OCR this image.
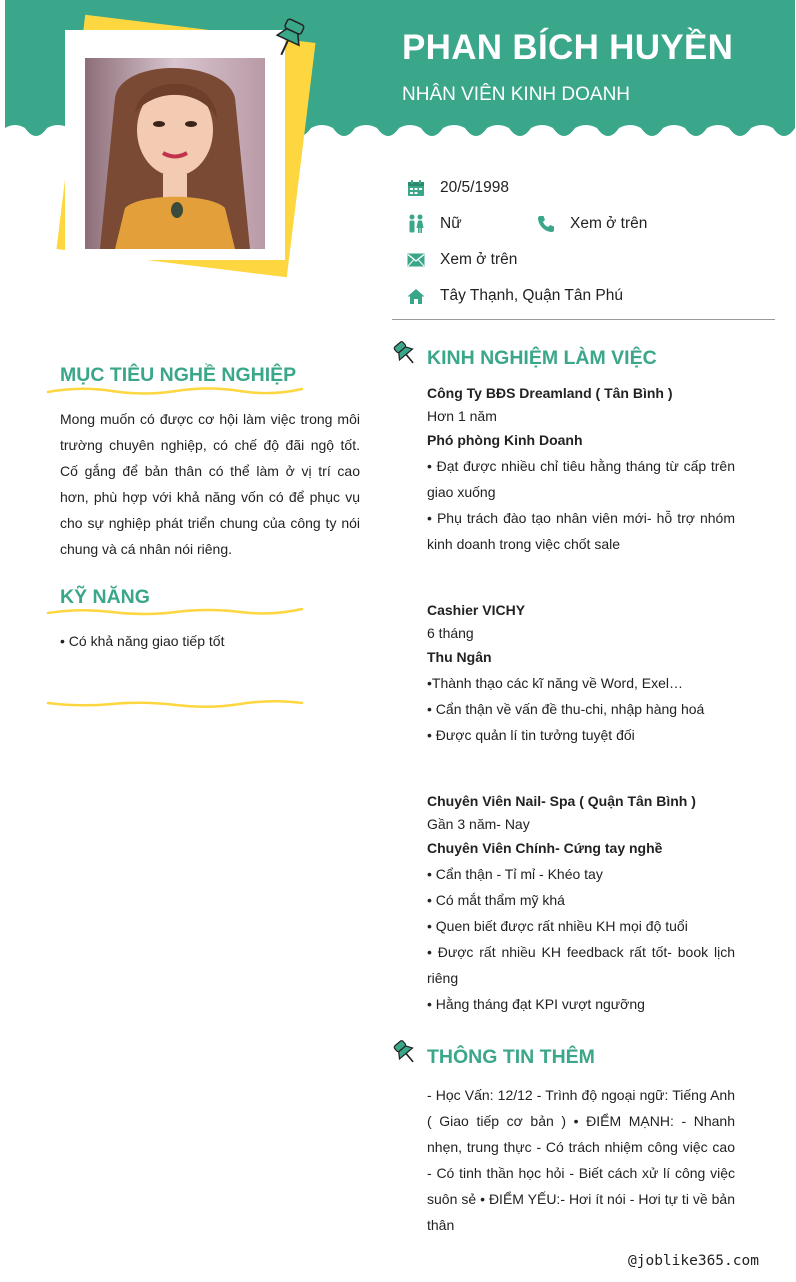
PHAN BÍCH HUYỀN
NHÂN VIÊN KINH DOANH
20/5/1998
Nữ	Xem ở trên
Xem ở trên
Tây Thạnh, Quận Tân Phú
MỤC TIÊU NGHỀ NGHIỆP
Mong muốn có được cơ hội làm việc trong môi trường chuyên nghiệp, có chế độ đãi ngộ tốt. Cố gắng để bản thân có thể làm ở vị trí cao hơn, phù hợp với khả năng vốn có để phục vụ cho sự nghiệp phát triển chung của công ty nói chung và cá nhân nói riêng.
KỸ NĂNG
• Có khả năng giao tiếp tốt
KINH NGHIỆM LÀM VIỆC
Công Ty BĐS Dreamland ( Tân Bình )
Hơn 1 năm
Phó phòng Kinh Doanh
• Đạt được nhiều chỉ tiêu hằng tháng từ cấp trên giao xuống
• Phụ trách đào tạo nhân viên mới- hỗ trợ nhóm kinh doanh trong việc chốt sale
Cashier VICHY
6 tháng
Thu Ngân
•Thành thạo các kĩ năng về Word, Exel…
• Cẩn thận về vấn đề thu-chi, nhập hàng hoá
• Được quản lí tin tưởng tuyệt đối
Chuyên Viên Nail- Spa ( Quận Tân Bình )
Gần 3 năm- Nay
Chuyên Viên Chính- Cứng tay nghề
• Cẩn thận - Tỉ mỉ - Khéo tay
• Có mắt thẩm mỹ khá
• Quen biết được rất nhiều KH mọi độ tuổi
• Được rất nhiều KH feedback rất tốt- book lịch riêng
• Hằng tháng đạt KPI vượt ngưỡng
THÔNG TIN THÊM
- Học Vấn: 12/12 - Trình độ ngoại ngữ: Tiếng Anh ( Giao tiếp cơ bản ) • ĐIỂM MẠNH: - Nhanh nhẹn, trung thực - Có trách nhiệm công việc cao - Có tinh thần học hỏi - Biết cách xử lí công việc suôn sẻ • ĐIỂM YẾU:- Hơi ít nói - Hơi tự ti về bản thân
@joblike365.com
